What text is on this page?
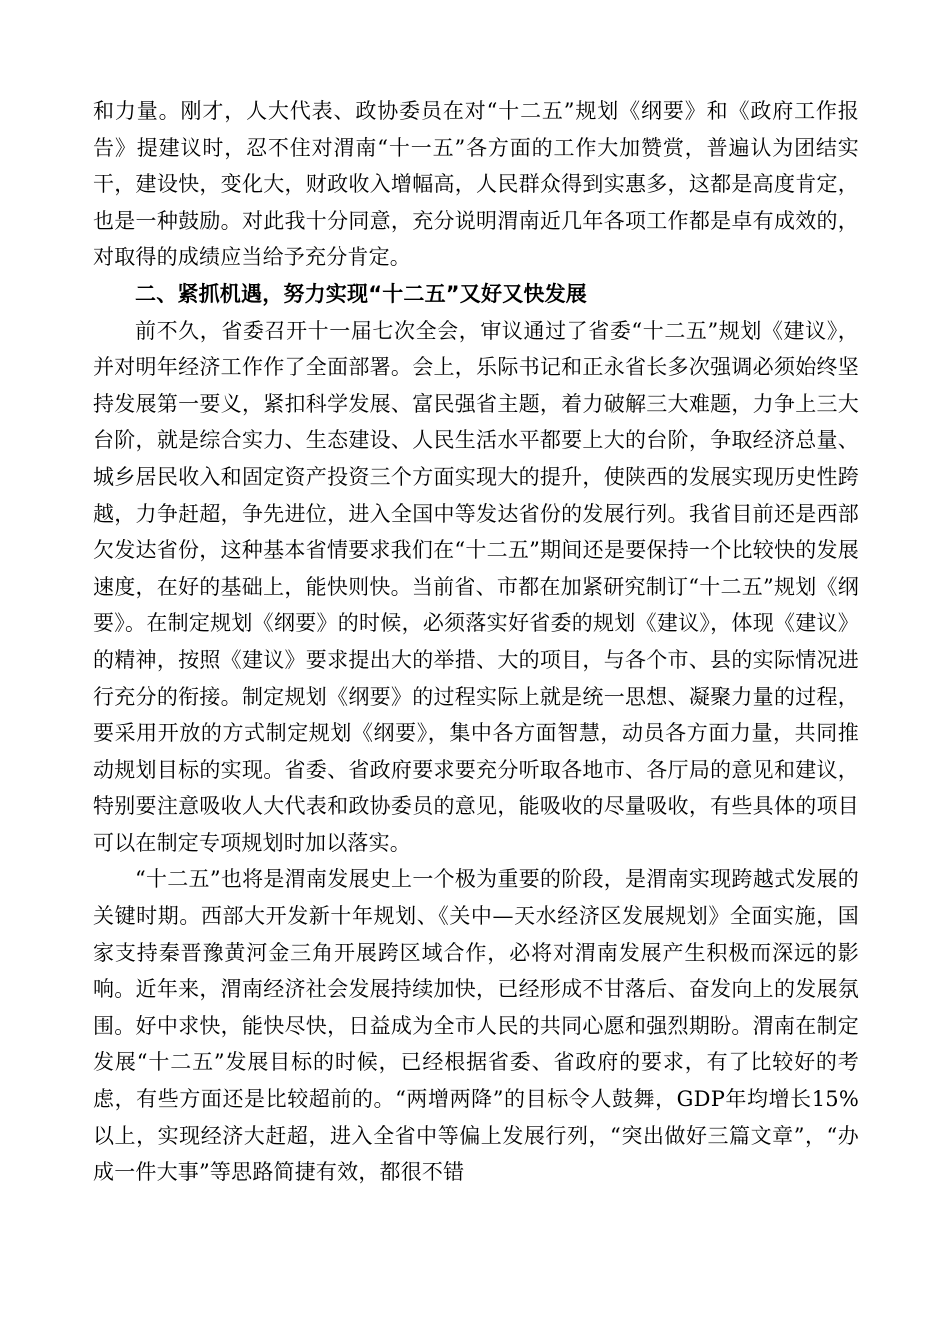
和力量。刚才，人大代表、政协委员在对“十二五”规划《纲要》和《政府工作报告》提建议时，忍不住对渭南“十一五”各方面的工作大加赞赏，普遍认为团结实干，建设快，变化大，财政收入增幅高，人民群众得到实惠多，这都是高度肯定，也是一种鼓励。对此我十分同意，充分说明渭南近几年各项工作都是卓有成效的，对取得的成绩应当给予充分肯定。

二、紧抓机遇，努力实现“十二五”又好又快发展

前不久，省委召开十一届七次全会，审议通过了省委“十二五”规划《建议》，并对明年经济工作作了全面部署。会上，乐际书记和正永省长多次强调必须始终坚持发展第一要义，紧扣科学发展、富民强省主题，着力破解三大难题，力争上三大台阶，就是综合实力、生态建设、人民生活水平都要上大的台阶，争取经济总量、城乡居民收入和固定资产投资三个方面实现大的提升，使陕西的发展实现历史性跨越，力争赶超，争先进位，进入全国中等发达省份的发展行列。我省目前还是西部欠发达省份，这种基本省情要求我们在“十二五”期间还是要保持一个比较快的发展速度，在好的基础上，能快则快。当前省、市都在加紧研究制订“十二五”规划《纲要》。在制定规划《纲要》的时候，必须落实好省委的规划《建议》，体现《建议》的精神，按照《建议》要求提出大的举措、大的项目，与各个市、县的实际情况进行充分的衔接。制定规划《纲要》的过程实际上就是统一思想、凝聚力量的过程，要采用开放的方式制定规划《纲要》，集中各方面智慧，动员各方面力量，共同推动规划目标的实现。省委、省政府要求要充分听取各地市、各厅局的意见和建议，特别要注意吸收人大代表和政协委员的意见，能吸收的尽量吸收，有些具体的项目可以在制定专项规划时加以落实。

“十二五”也将是渭南发展史上一个极为重要的阶段，是渭南实现跨越式发展的关键时期。西部大开发新十年规划、《关中—天水经济区发展规划》全面实施，国家支持秦晋豫黄河金三角开展跨区域合作，必将对渭南发展产生积极而深远的影响。近年来，渭南经济社会发展持续加快，已经形成不甘落后、奋发向上的发展氛围。好中求快，能快尽快，日益成为全市人民的共同心愿和强烈期盼。渭南在制定发展“十二五”发展目标的时候，已经根据省委、省政府的要求，有了比较好的考虑，有些方面还是比较超前的。“两增两降”的目标令人鼓舞，GDP年均增长15%以上，实现经济大赶超，进入全省中等偏上发展行列，“突出做好三篇文章”，“办成一件大事”等思路简捷有效，都很不错
